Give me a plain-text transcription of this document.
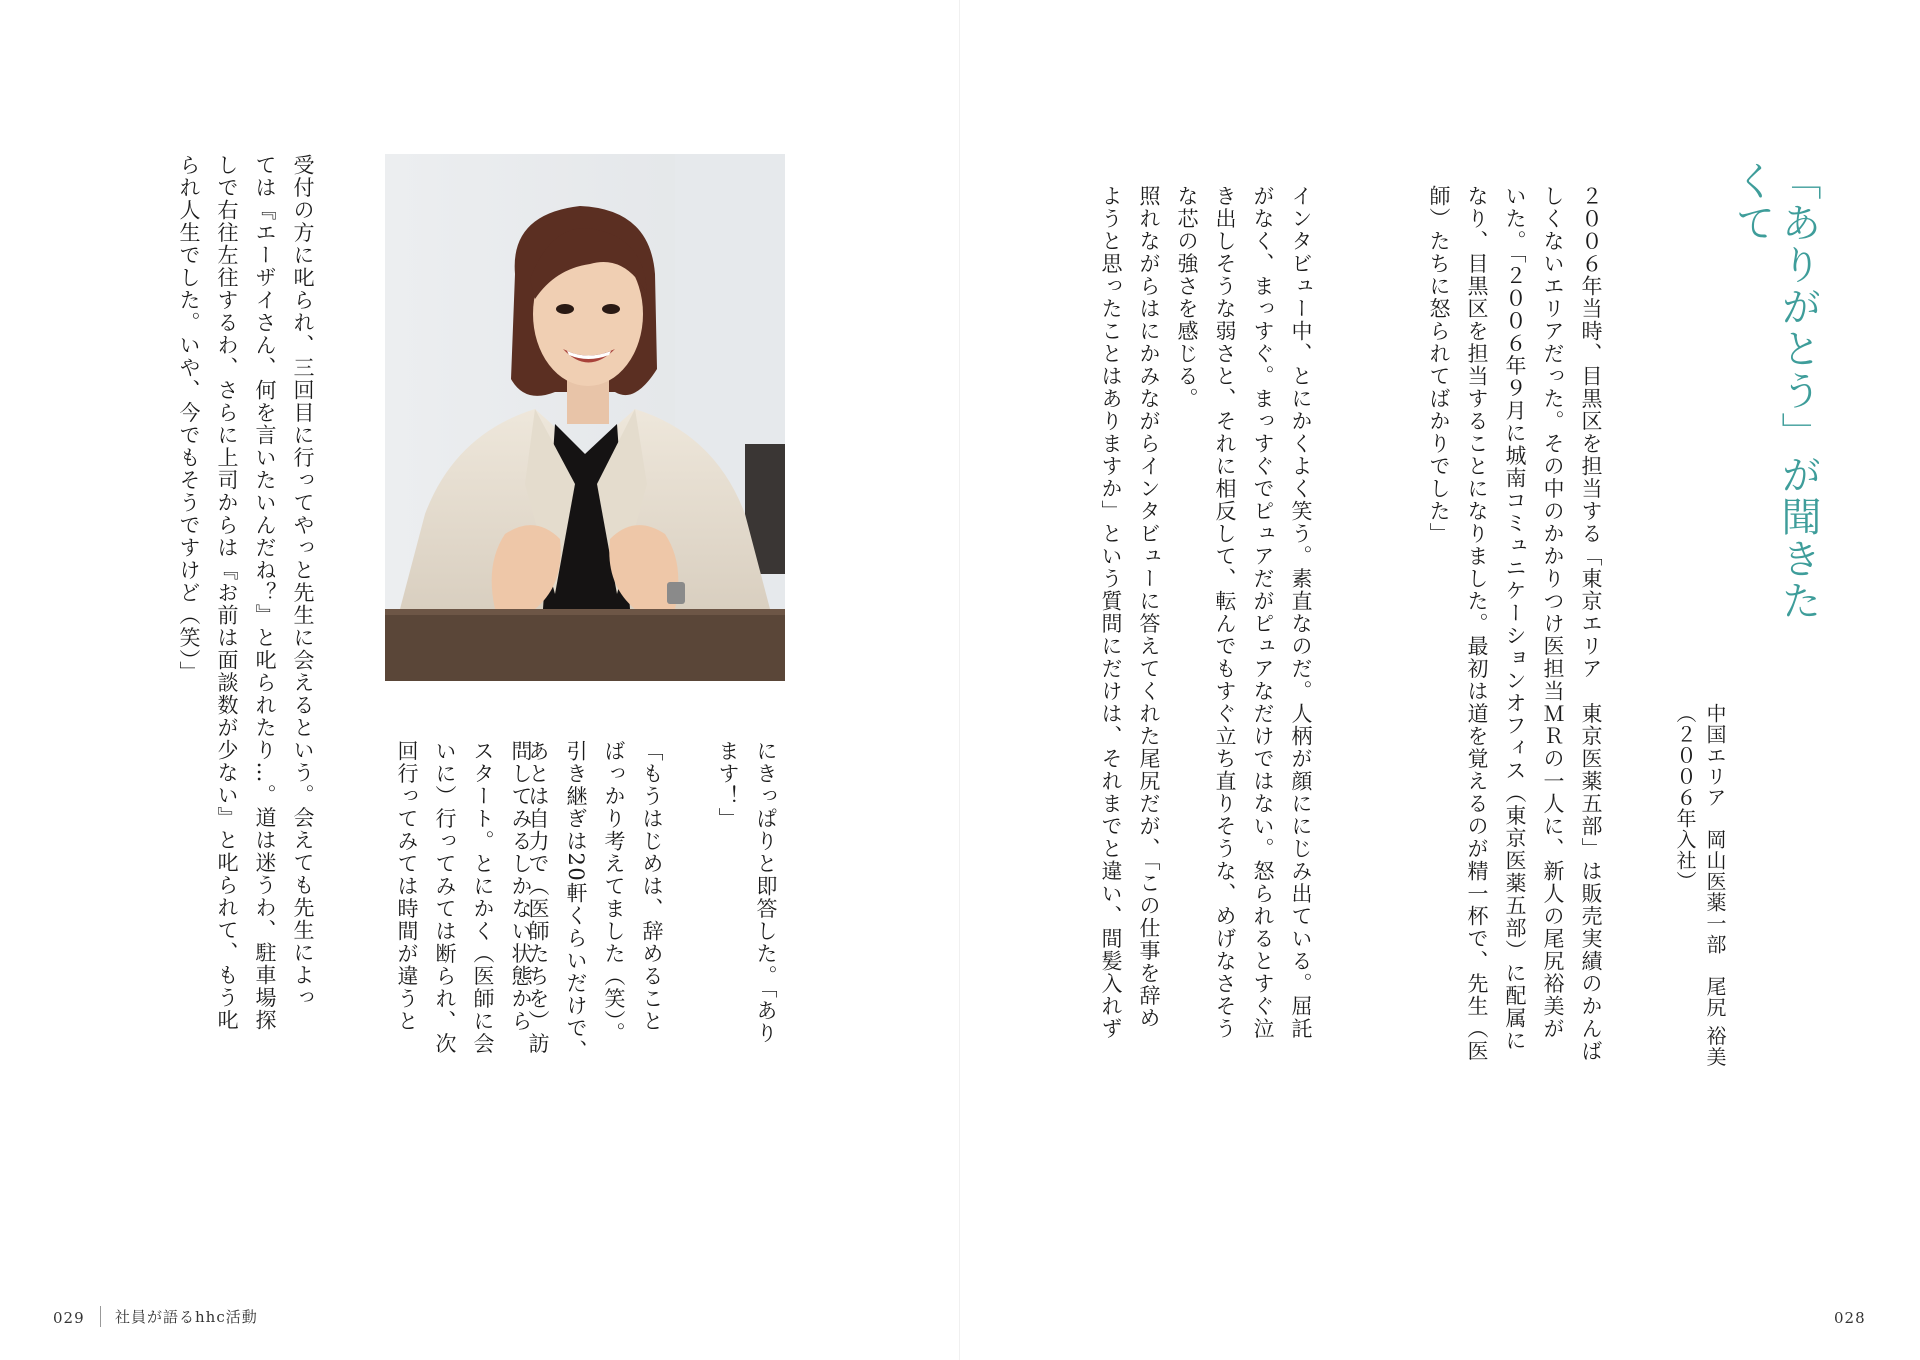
にきっぱりと即答した。「あり
ます！」

「もうはじめは、辞めること
ばっかり考えてました（笑）。
引き継ぎは20軒くらいだけで、
あとは自力で（医師たちを）訪
問してみるしかない状態から
スタート。とにかく（医師に会
いに）行ってみては断られ、次
回行ってみては時間が違うと
受付の方に叱られ、三回目に行ってやっと先生に会えるという。会えても先生によっ
ては『エーザイさん、何を言いたいんだね？』と叱られたり…。道は迷うわ、駐車場探
しで右往左往するわ、さらに上司からは『お前は面談数が少ない』と叱られて、もう叱
られ人生でした。いや、今でもそうですけど（笑）」
029	社員が語るhhc活動
「ありがとう」が聞きたくて
中国エリア　岡山医薬一部　尾尻 裕美
（２００６年入社）
２００６年当時、目黒区を担当する「東京エリア　東京医薬五部」は販売実績のかんば
しくないエリアだった。その中のかかりつけ医担当ＭＲの一人に、新人の尾尻裕美が
いた。「２００６年９月に城南コミュニケーションオフィス（東京医薬五部）に配属に
なり、目黒区を担当することになりました。最初は道を覚えるのが精一杯で、先生（医
師）たちに怒られてばかりでした」
インタビュー中、とにかくよく笑う。素直なのだ。人柄が顔ににじみ出ている。屈託
がなく、まっすぐ。まっすぐでピュアだがピュアなだけではない。怒られるとすぐ泣
き出しそうな弱さと、それに相反して、転んでもすぐ立ち直りそうな、めげなさそう
な芯の強さを感じる。
照れながらはにかみながらインタビューに答えてくれた尾尻だが、「この仕事を辞め
ようと思ったことはありますか」という質問にだけは、それまでと違い、間髪入れず
028
